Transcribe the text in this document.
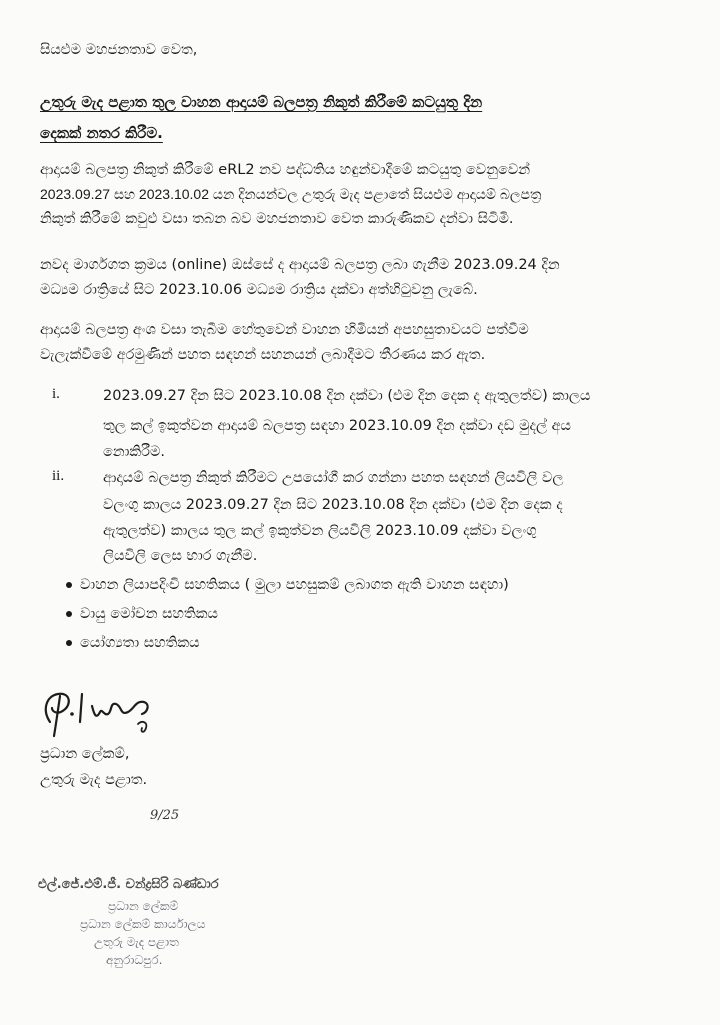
සියළුම මහජනතාව වෙත,
උතුරු මැද පළාත තුල වාහන ආදායම් බලපත්‍ර නිකුත් කිරීමේ කටයුතු දින
දෙකක් නතර කිරීම.
ආදායම් බලපත්‍ර නිකුත් කිරීමේ eRL2 නව පද්ධතිය හඳුන්වාදීමේ කටයුතු වෙනුවෙන්
2023.09.27 සහ 2023.10.02 යන දිනයන්වල උතුරු මැද පළාතේ සියළුම ආදායම් බලපත්‍ර
නිකුත් කිරීමේ කවුළු වසා තබන බව මහජනතාව වෙත කාරුණිකව දන්වා සිටිමි.
නවද මාර්ගගත ක්‍රමය (online) ඔස්සේ ද ආදායම් බලපත්‍ර ලබා ගැනීම 2023.09.24 දින
මධ්‍යම රාත්‍රියේ සිට 2023.10.06 මධ්‍යම රාත්‍රිය දක්වා අත්හිටුවනු ලැබේ.
ආදායම් බලපත්‍ර අංශ වසා තැබීම හේතුවෙන් වාහන හිමියන් අපහසුතාවයට පත්වීම
වැලැක්වීමේ අරමුණින් පහත සඳහන් සහනයන් ලබාදීමට තීරණය කර ඇත.
i.	2023.09.27 දින සිට 2023.10.08 දින දක්වා (එම දින දෙක ද ඇතුලත්ව) කාලය
තුල කල් ඉකුත්වන ආදායම් බලපත්‍ර සඳහා 2023.10.09 දින දක්වා දඩ මුදල් අය
නොකිරීම.
ii.	ආදායම් බලපත්‍ර නිකුත් කිරීමට උපයෝගී කර ගන්නා පහත සඳහන් ලියවිලි වල
වලංගු කාලය 2023.09.27 දින සිට 2023.10.08 දින දක්වා (එම දින දෙක ද
ඇතුලත්ව) කාලය තුල කල් ඉකුත්වන ලියවිලි 2023.10.09 දක්වා වලංගු
ලියවිලි ලෙස භාර ගැනීම.
වාහන ලියාපදිංචි සහතිකය ( මුලා පහසුකම් ලබාගත ඇති වාහන සඳහා)
වායු මෝචන සහතිකය
යෝග්‍යතා සහතිකය
ප්‍රධාන ලේකම්,
උතුරු මැද පළාත.
9/25
එල්.ජේ.එම්.ජී. චන්ද්‍රසිරි බණ්ඩාර
ප්‍රධාන ලේකම්
ප්‍රධාන ලේකම් කාර්යාලය
උතුරු මැද පළාත
අනුරාධපුර.
